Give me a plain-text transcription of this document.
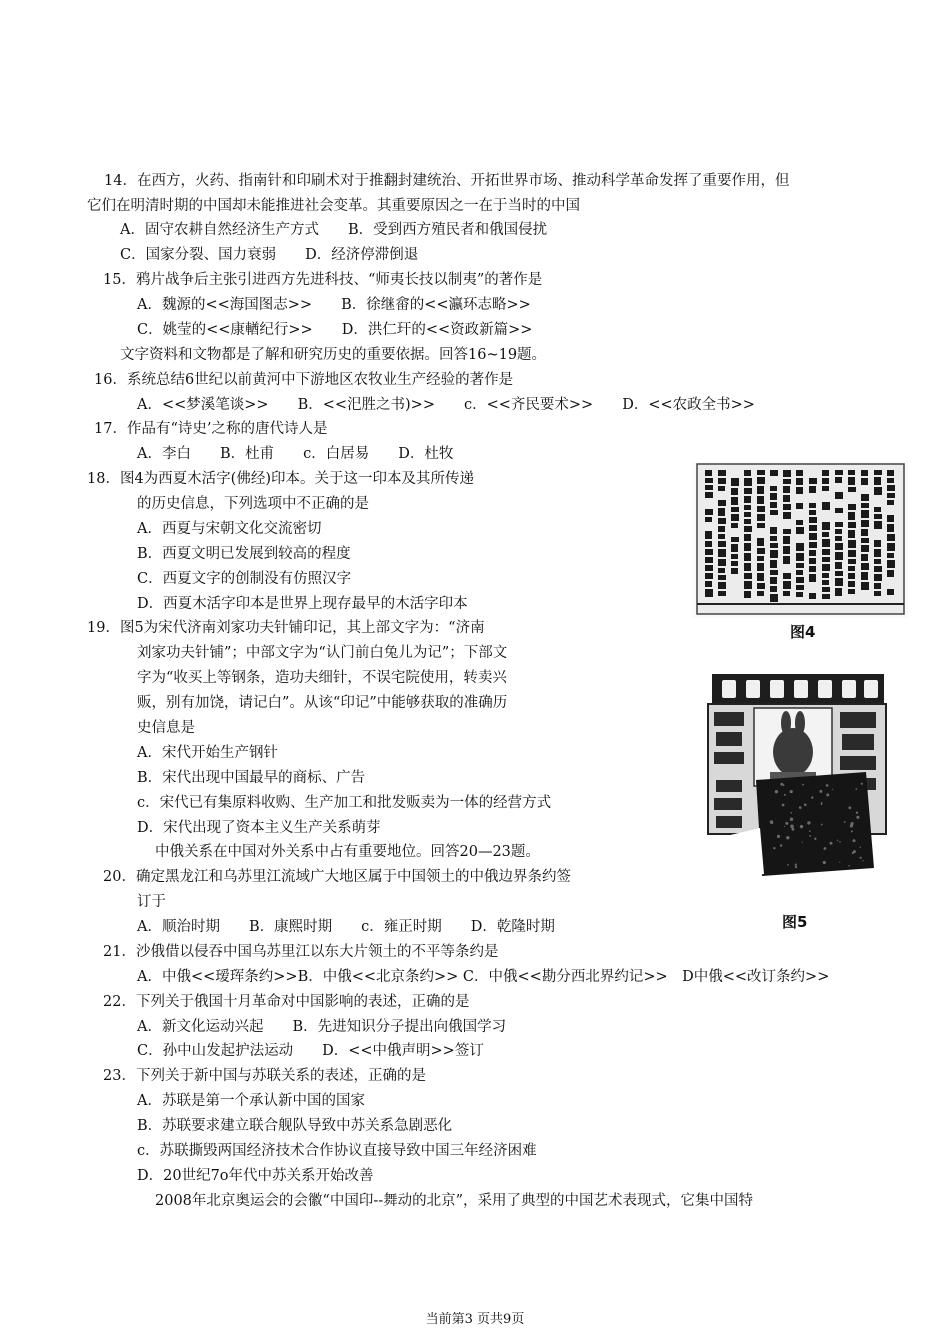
14．在西方，火药、指南针和印刷术对于推翻封建统治、开拓世界市场、推动科学革命发挥了重要作用，但
它们在明清时期的中国却未能推进社会变革。其重要原因之一在于当时的中国
A．固守农耕自然经济生产方式　　B．受到西方殖民者和俄国侵扰
C．国家分裂、国力衰弱　　D．经济停滞倒退
15．鸦片战争后主张引进西方先进科技、“师夷长技以制夷”的著作是
A．魏源的<<海国图志>>　　B．徐继畲的<<瀛环志略>>
C．姚莹的<<康輶纪行>>　　D．洪仁玕的<<资政新篇>>
文字资料和文物都是了解和研究历史的重要依据。回答16~19题。
16．系统总结6世纪以前黄河中下游地区农牧业生产经验的著作是
A．<<梦溪笔谈>>　　B．<<汜胜之书)>>　　c．<<齐民要术>>　　D．<<农政全书>>
17．作品有“诗史’之称的唐代诗人是
A．李白　　B．杜甫　　c．白居易　　D．杜牧
18．图4为西夏木活字(佛经)印本。关于这一印本及其所传递
的历史信息，下列选项中不正确的是
A．西夏与宋朝文化交流密切
B．西夏文明已发展到较高的程度
C．西夏文字的创制没有仿照汉字
D．西夏木活字印本是世界上现存最早的木活字印本
19．图5为宋代济南刘家功夫针铺印记，其上部文字为：“济南
刘家功夫针铺”；中部文字为“认门前白兔儿为记”；下部文
字为“收买上等钢条，造功夫细针，不误宅院使用，转卖兴
贩，别有加饶，请记白”。从该“印记”中能够获取的准确历
史信息是
A．宋代开始生产钢针
B．宋代出现中国最早的商标、广告
c．宋代已有集原料收购、生产加工和批发贩卖为一体的经营方式
D．宋代出现了资本主义生产关系萌芽
中俄关系在中国对外关系中占有重要地位。回答20—23题。
20．确定黑龙江和乌苏里江流域广大地区属于中国领土的中俄边界条约签
订于
A．顺治时期　　B．康熙时期　　c．雍正时期　　D．乾隆时期
21．沙俄借以侵吞中国乌苏里江以东大片领土的不平等条约是
A．中俄<<瑷珲条约>>B．中俄<<北京条约>> C．中俄<<勘分西北界约记>>　D中俄<<改订条约>>
22．下列关于俄国十月革命对中国影响的表述，正确的是
A．新文化运动兴起　　B．先进知识分子提出向俄国学习
C．孙中山发起护法运动　　D．<<中俄声明>>签订
23．下列关于新中国与苏联关系的表述，正确的是
A．苏联是第一个承认新中国的国家
B．苏联要求建立联合舰队导致中苏关系急剧恶化
c．苏联撕毁两国经济技术合作协议直接导致中国三年经济困难
D．20世纪7o年代中苏关系开始改善
2008年北京奥运会的会徽“中国印--舞动的北京”，采用了典型的中国艺术表现式，它集中国特
图4
图5
当前第3 页共9页
